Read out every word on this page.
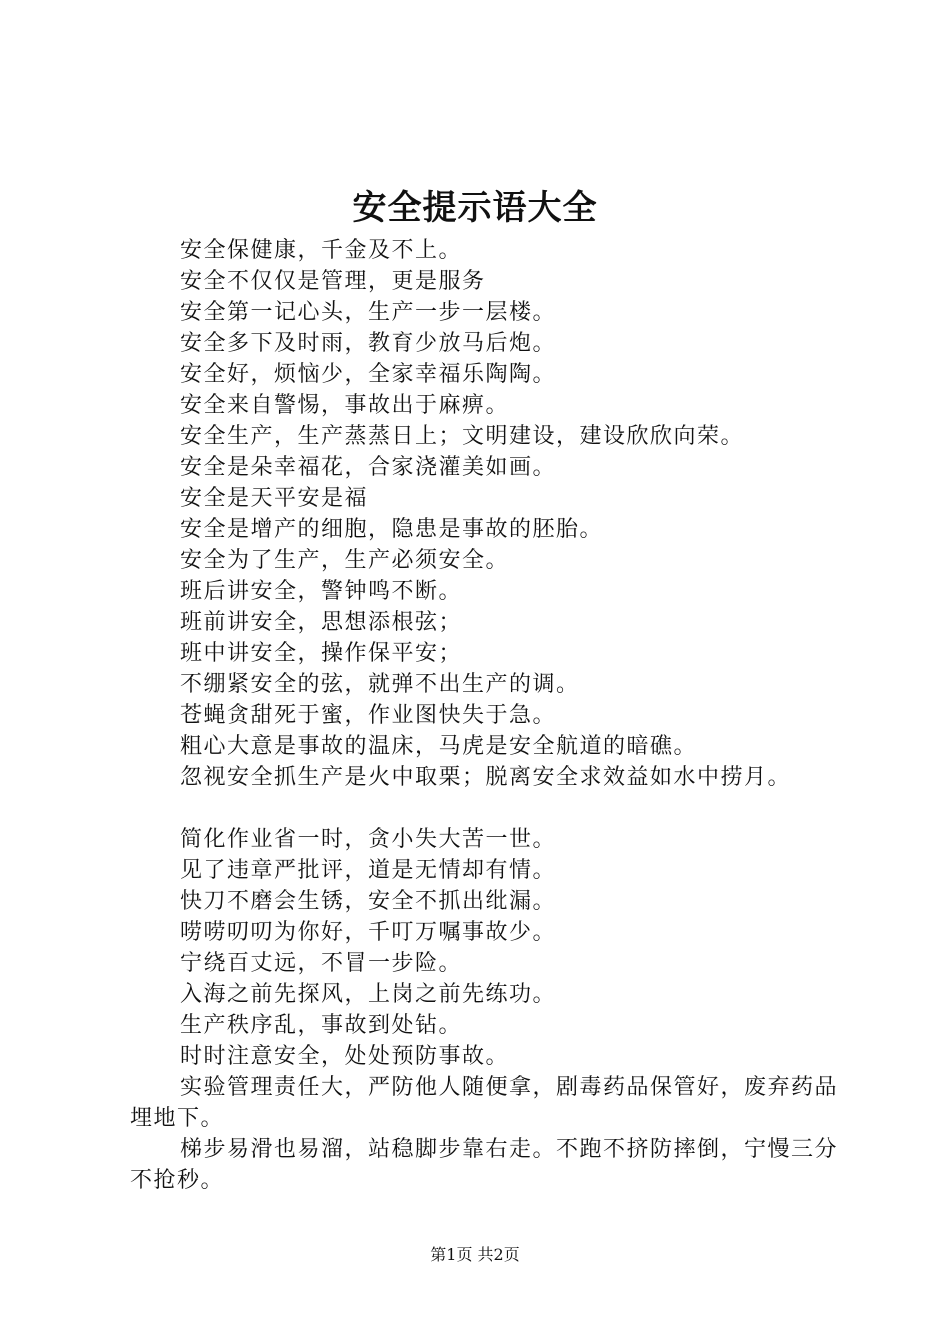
安全提示语大全
安全保健康，千金及不上。
安全不仅仅是管理，更是服务
安全第一记心头，生产一步一层楼。
安全多下及时雨，教育少放马后炮。
安全好，烦恼少，全家幸福乐陶陶。
安全来自警惕，事故出于麻痹。
安全生产，生产蒸蒸日上；文明建设，建设欣欣向荣。
安全是朵幸福花，合家浇灌美如画。
安全是天平安是福
安全是增产的细胞，隐患是事故的胚胎。
安全为了生产，生产必须安全。
班后讲安全，警钟鸣不断。
班前讲安全，思想添根弦；
班中讲安全，操作保平安；
不绷紧安全的弦，就弹不出生产的调。
苍蝇贪甜死于蜜，作业图快失于急。
粗心大意是事故的温床，马虎是安全航道的暗礁。
忽视安全抓生产是火中取栗；脱离安全求效益如水中捞月。
简化作业省一时，贪小失大苦一世。
见了违章严批评，道是无情却有情。
快刀不磨会生锈，安全不抓出纰漏。
唠唠叨叨为你好，千叮万嘱事故少。
宁绕百丈远，不冒一步险。
入海之前先探风，上岗之前先练功。
生产秩序乱，事故到处钻。
时时注意安全，处处预防事故。

实验管理责任大，严防他人随便拿，剧毒药品保管好，废弃药品埋地下。

梯步易滑也易溜，站稳脚步靠右走。不跑不挤防摔倒，宁慢三分不抢秒。

第1页 共2页
